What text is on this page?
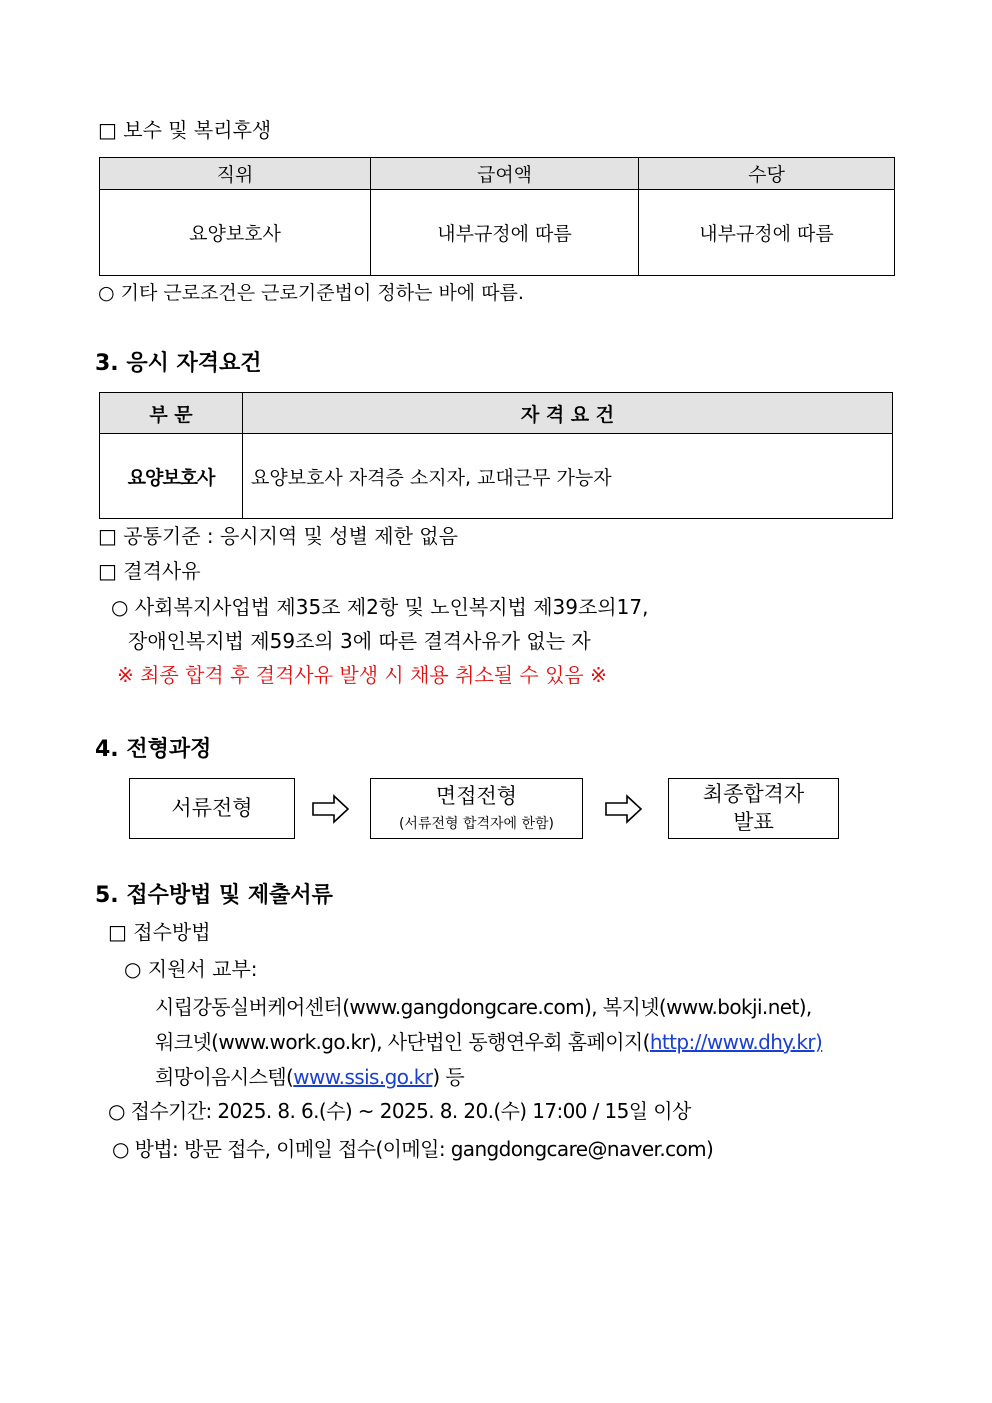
□ 보수 및 복리후생
직위	급여액	수당
요양보호사	내부규정에 따름	내부규정에 따름
○ 기타 근로조건은 근로기준법이 정하는 바에 따름.
3. 응시 자격요건
부 문	자 격 요 건
요양보호사	요양보호사 자격증 소지자, 교대근무 가능자
□ 공통기준 : 응시지역 및 성별 제한 없음
□ 결격사유
○ 사회복지사업법 제35조 제2항 및 노인복지법 제39조의17,
장애인복지법 제59조의 3에 따른 결격사유가 없는 자
※ 최종 합격 후 결격사유 발생 시 채용 취소될 수 있음 ※
4. 전형과정
서류전형	면접전형
(서류전형 합격자에 한함)
최종합격자
발표
5. 접수방법 및 제출서류
□ 접수방법
○ 지원서 교부:
시립강동실버케어센터(www.gangdongcare.com), 복지넷(www.bokji.net),
워크넷(www.work.go.kr), 사단법인 동행연우회 홈페이지(http://www.dhy.kr)
희망이음시스템(www.ssis.go.kr) 등
○ 접수기간: 2025. 8. 6.(수) ~ 2025. 8. 20.(수) 17:00 / 15일 이상
○ 방법: 방문 접수, 이메일 접수(이메일: gangdongcare@naver.com)
